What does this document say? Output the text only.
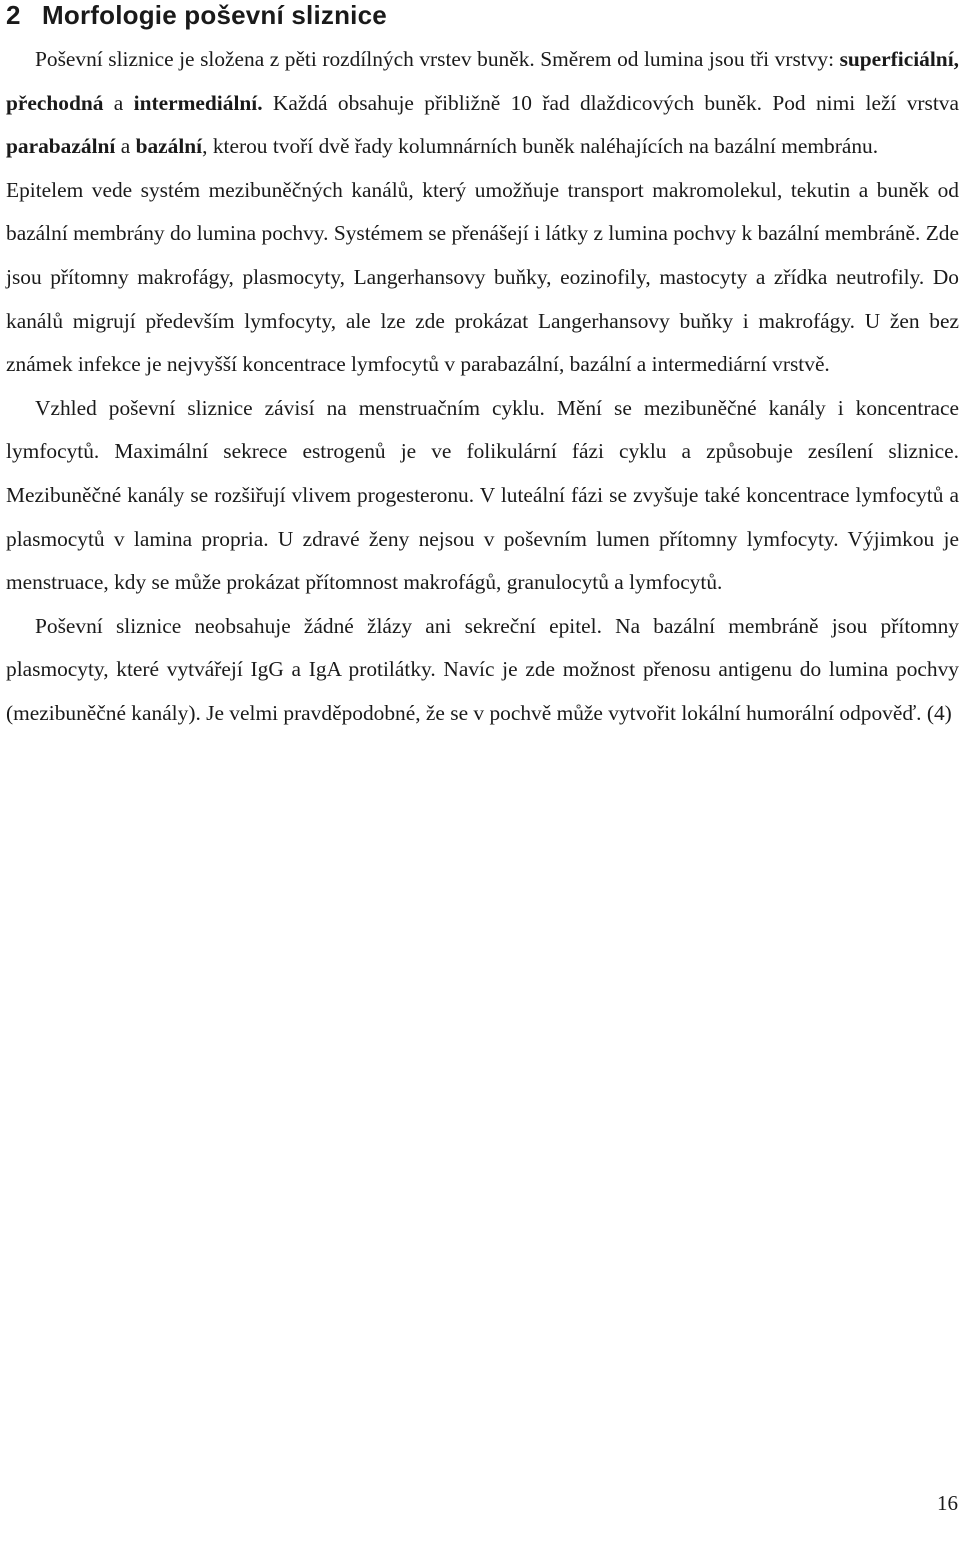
2 Morfologie poševní sliznice

Poševní sliznice je složena z pěti rozdílných vrstev buněk. Směrem od lumina jsou tři vrstvy: superficiální, přechodná a intermediální. Každá obsahuje přibližně 10 řad dlaždicových buněk. Pod nimi leží vrstva parabazální a bazální, kterou tvoří dvě řady kolumnárních buněk naléhajících na bazální membránu.

Epitelem vede systém mezibuněčných kanálů, který umožňuje transport makromolekul, tekutin a buněk od bazální membrány do lumina pochvy. Systémem se přenášejí i látky z lumina pochvy k bazální membráně. Zde jsou přítomny makrofágy, plasmocyty, Langerhansovy buňky, eozinofily, mastocyty a zřídka neutrofily. Do kanálů migrují především lymfocyty, ale lze zde prokázat Langerhansovy buňky i makrofágy. U žen bez známek infekce je nejvyšší koncentrace lymfocytů v parabazální, bazální a intermediární vrstvě.

Vzhled poševní sliznice závisí na menstruačním cyklu. Mění se mezibuněčné kanály i koncentrace lymfocytů. Maximální sekrece estrogenů je ve folikulární fázi cyklu a způsobuje zesílení sliznice. Mezibuněčné kanály se rozšiřují vlivem progesteronu. V luteální fázi se zvyšuje také koncentrace lymfocytů a plasmocytů v lamina propria. U zdravé ženy nejsou v poševním lumen přítomny lymfocyty. Výjimkou je menstruace, kdy se může prokázat přítomnost makrofágů, granulocytů a lymfocytů.

Poševní sliznice neobsahuje žádné žlázy ani sekreční epitel. Na bazální membráně jsou přítomny plasmocyty, které vytvářejí IgG a IgA protilátky. Navíc je zde možnost přenosu antigenu do lumina pochvy (mezibuněčné kanály). Je velmi pravděpodobné, že se v pochvě může vytvořit lokální humorální odpověď. (4)

16
